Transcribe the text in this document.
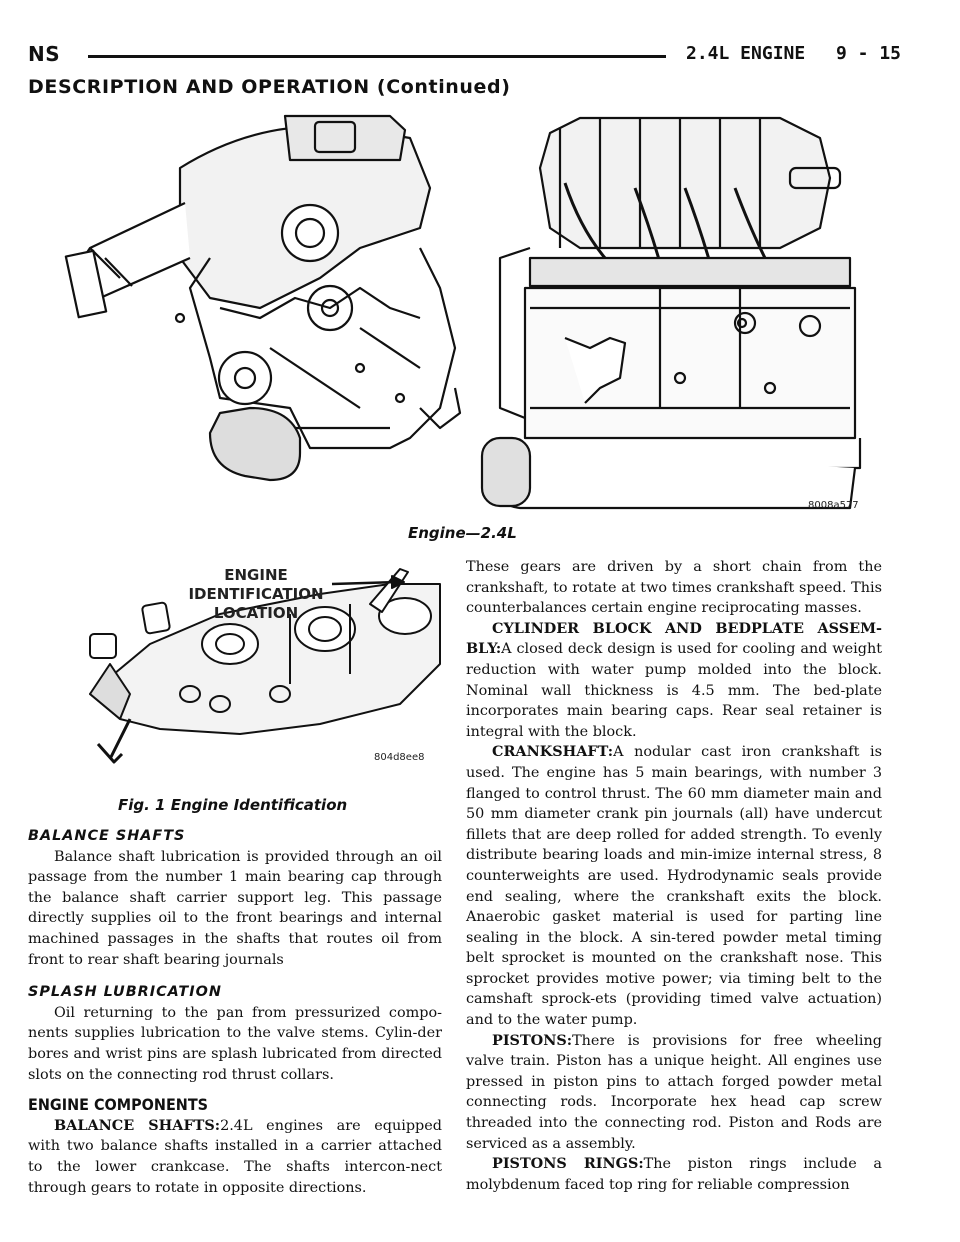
NS	2.4L ENGINE 9 - 15
DESCRIPTION AND OPERATION (Continued)
8008a577
Engine—2.4L
ENGINE
IDENTIFICATION
LOCATION
804d8ee8
Fig. 1 Engine Identification
BALANCE SHAFTS

Balance shaft lubrication is provided through an oil passage from the number 1 main bearing cap through the balance shaft carrier support leg. This passage directly supplies oil to the front bearings and internal machined passages in the shafts that routes oil from front to rear shaft bearing journals

SPLASH LUBRICATION

Oil returning to the pan from pressurized compo-nents supplies lubrication to the valve stems. Cylin-der bores and wrist pins are splash lubricated from directed slots on the connecting rod thrust collars.

ENGINE COMPONENTS

BALANCE SHAFTS:2.4L engines are equipped with two balance shafts installed in a carrier attached to the lower crankcase. The shafts intercon-nect through gears to rotate in opposite directions.

These gears are driven by a short chain from the crankshaft, to rotate at two times crankshaft speed. This counterbalances certain engine reciprocating masses.

CYLINDER BLOCK AND BEDPLATE ASSEM-BLY:A closed deck design is used for cooling and weight reduction with water pump molded into the block. Nominal wall thickness is 4.5 mm. The bed-plate incorporates main bearing caps. Rear seal retainer is integral with the block.

CRANKSHAFT:A nodular cast iron crankshaft is used. The engine has 5 main bearings, with number 3 flanged to control thrust. The 60 mm diameter main and 50 mm diameter crank pin journals (all) have undercut fillets that are deep rolled for added strength. To evenly distribute bearing loads and min-imize internal stress, 8 counterweights are used. Hydrodynamic seals provide end sealing, where the crankshaft exits the block. Anaerobic gasket material is used for parting line sealing in the block. A sin-tered powder metal timing belt sprocket is mounted on the crankshaft nose. This sprocket provides motive power; via timing belt to the camshaft sprock-ets (providing timed valve actuation) and to the water pump.

PISTONS:There is provisions for free wheeling valve train. Piston has a unique height. All engines use pressed in piston pins to attach forged powder metal connecting rods. Incorporate hex head cap screw threaded into the connecting rod. Piston and Rods are serviced as a assembly.

PISTONS RINGS:The piston rings include a molybdenum faced top ring for reliable compression
